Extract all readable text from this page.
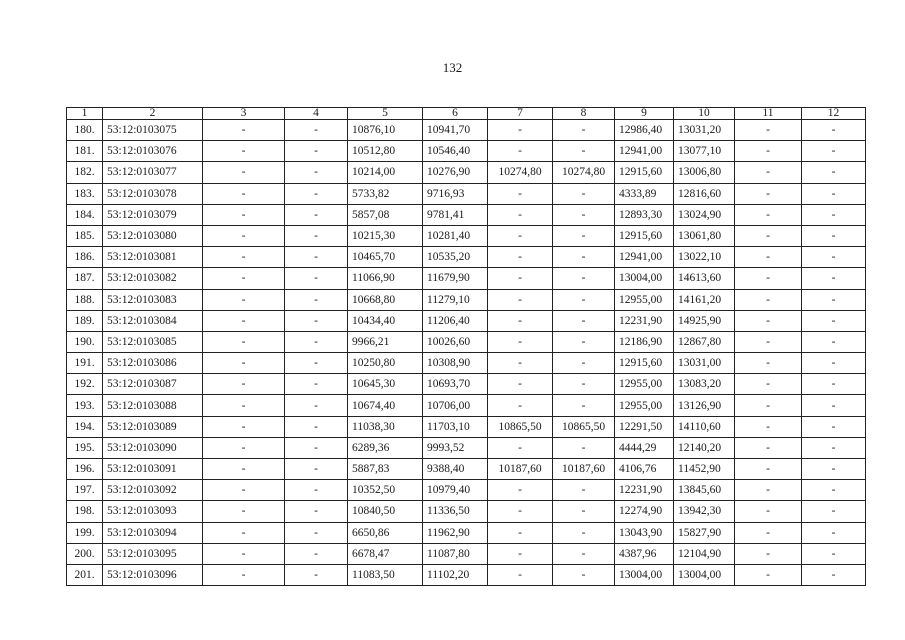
132
1	2	3	4	5	6	7	8	9	10	11	12
180.	53:12:0103075	-	-	10876,10	10941,70	-	-	12986,40	13031,20	-	-
181.	53:12:0103076	-	-	10512,80	10546,40	-	-	12941,00	13077,10	-	-
182.	53:12:0103077	-	-	10214,00	10276,90	10274,80	10274,80	12915,60	13006,80	-	-
183.	53:12:0103078	-	-	5733,82	9716,93	-	-	4333,89	12816,60	-	-
184.	53:12:0103079	-	-	5857,08	9781,41	-	-	12893,30	13024,90	-	-
185.	53:12:0103080	-	-	10215,30	10281,40	-	-	12915,60	13061,80	-	-
186.	53:12:0103081	-	-	10465,70	10535,20	-	-	12941,00	13022,10	-	-
187.	53:12:0103082	-	-	11066,90	11679,90	-	-	13004,00	14613,60	-	-
188.	53:12:0103083	-	-	10668,80	11279,10	-	-	12955,00	14161,20	-	-
189.	53:12:0103084	-	-	10434,40	11206,40	-	-	12231,90	14925,90	-	-
190.	53:12:0103085	-	-	9966,21	10026,60	-	-	12186,90	12867,80	-	-
191.	53:12:0103086	-	-	10250,80	10308,90	-	-	12915,60	13031,00	-	-
192.	53:12:0103087	-	-	10645,30	10693,70	-	-	12955,00	13083,20	-	-
193.	53:12:0103088	-	-	10674,40	10706,00	-	-	12955,00	13126,90	-	-
194.	53:12:0103089	-	-	11038,30	11703,10	10865,50	10865,50	12291,50	14110,60	-	-
195.	53:12:0103090	-	-	6289,36	9993,52	-	-	4444,29	12140,20	-	-
196.	53:12:0103091	-	-	5887,83	9388,40	10187,60	10187,60	4106,76	11452,90	-	-
197.	53:12:0103092	-	-	10352,50	10979,40	-	-	12231,90	13845,60	-	-
198.	53:12:0103093	-	-	10840,50	11336,50	-	-	12274,90	13942,30	-	-
199.	53:12:0103094	-	-	6650,86	11962,90	-	-	13043,90	15827,90	-	-
200.	53:12:0103095	-	-	6678,47	11087,80	-	-	4387,96	12104,90	-	-
201.	53:12:0103096	-	-	11083,50	11102,20	-	-	13004,00	13004,00	-	-
